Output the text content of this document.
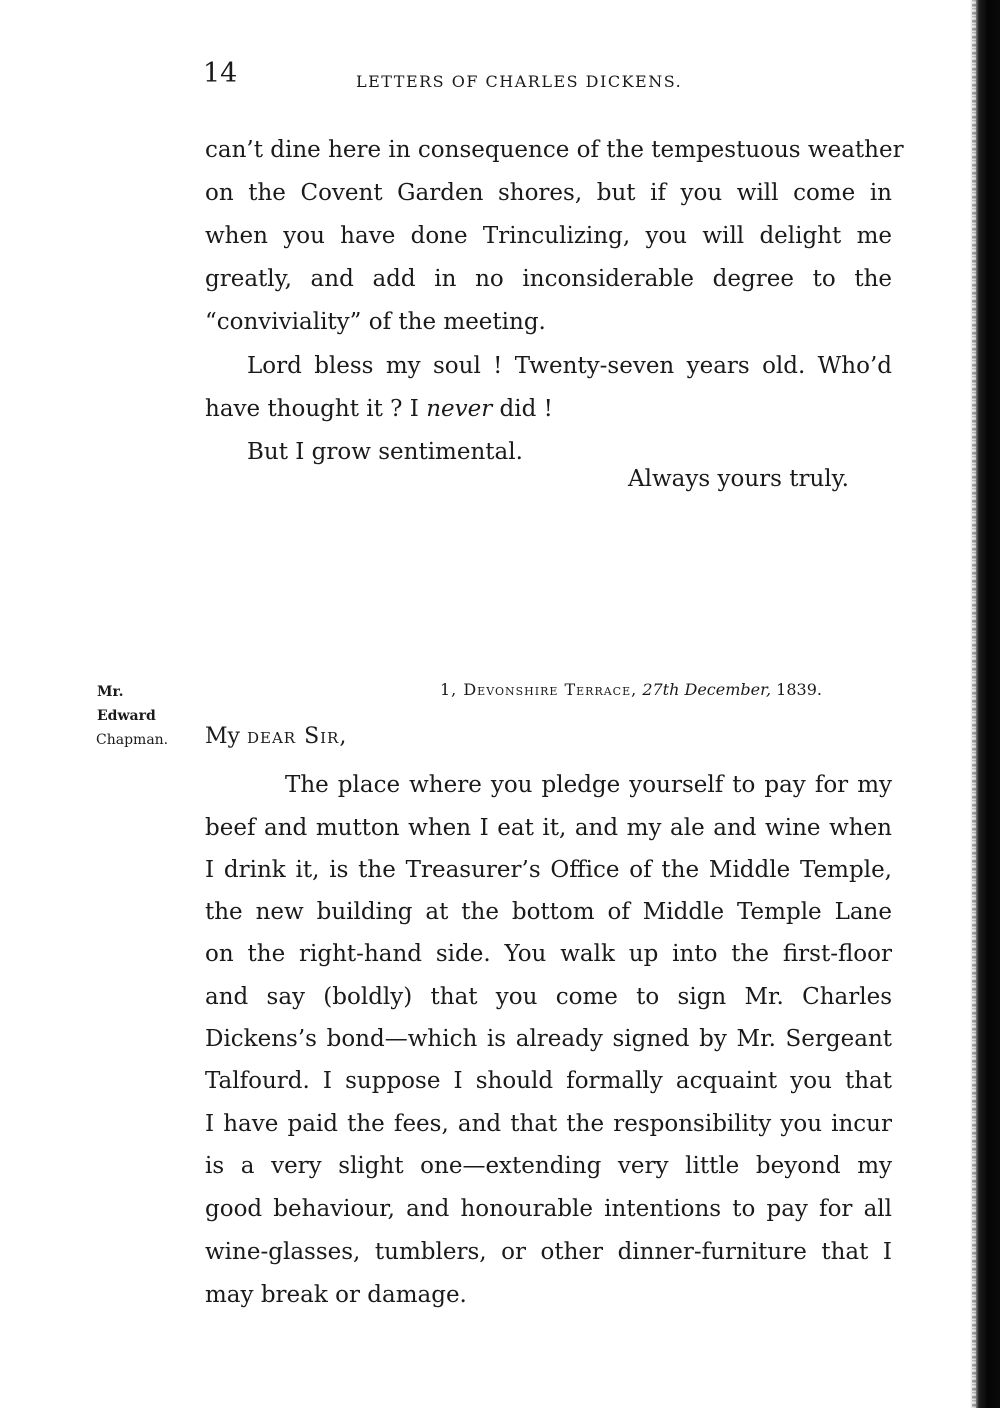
14	LETTERS OF CHARLES DICKENS.
can’t dine here in consequence of the tempestuous weather
on the Covent Garden shores, but if you will come in
when you have done Trinculizing, you will delight me
greatly, and add in no inconsiderable degree to the
“conviviality” of the meeting.
Lord bless my soul ! Twenty-seven years old. Who’d
have thought it ? I never did !
But I grow sentimental.
Always yours truly.
Mr.
Edward
Chapman.
1, Devonshire Terrace, 27th December, 1839.
My dear Sir,
The place where you pledge yourself to pay for my
beef and mutton when I eat it, and my ale and wine when
I drink it, is the Treasurer’s Office of the Middle Temple,
the new building at the bottom of Middle Temple Lane
on the right-hand side. You walk up into the first-floor
and say (boldly) that you come to sign Mr. Charles
Dickens’s bond—which is already signed by Mr. Sergeant
Talfourd. I suppose I should formally acquaint you that
I have paid the fees, and that the responsibility you incur
is a very slight one—extending very little beyond my
good behaviour, and honourable intentions to pay for all
wine-glasses, tumblers, or other dinner-furniture that I
may break or damage.
